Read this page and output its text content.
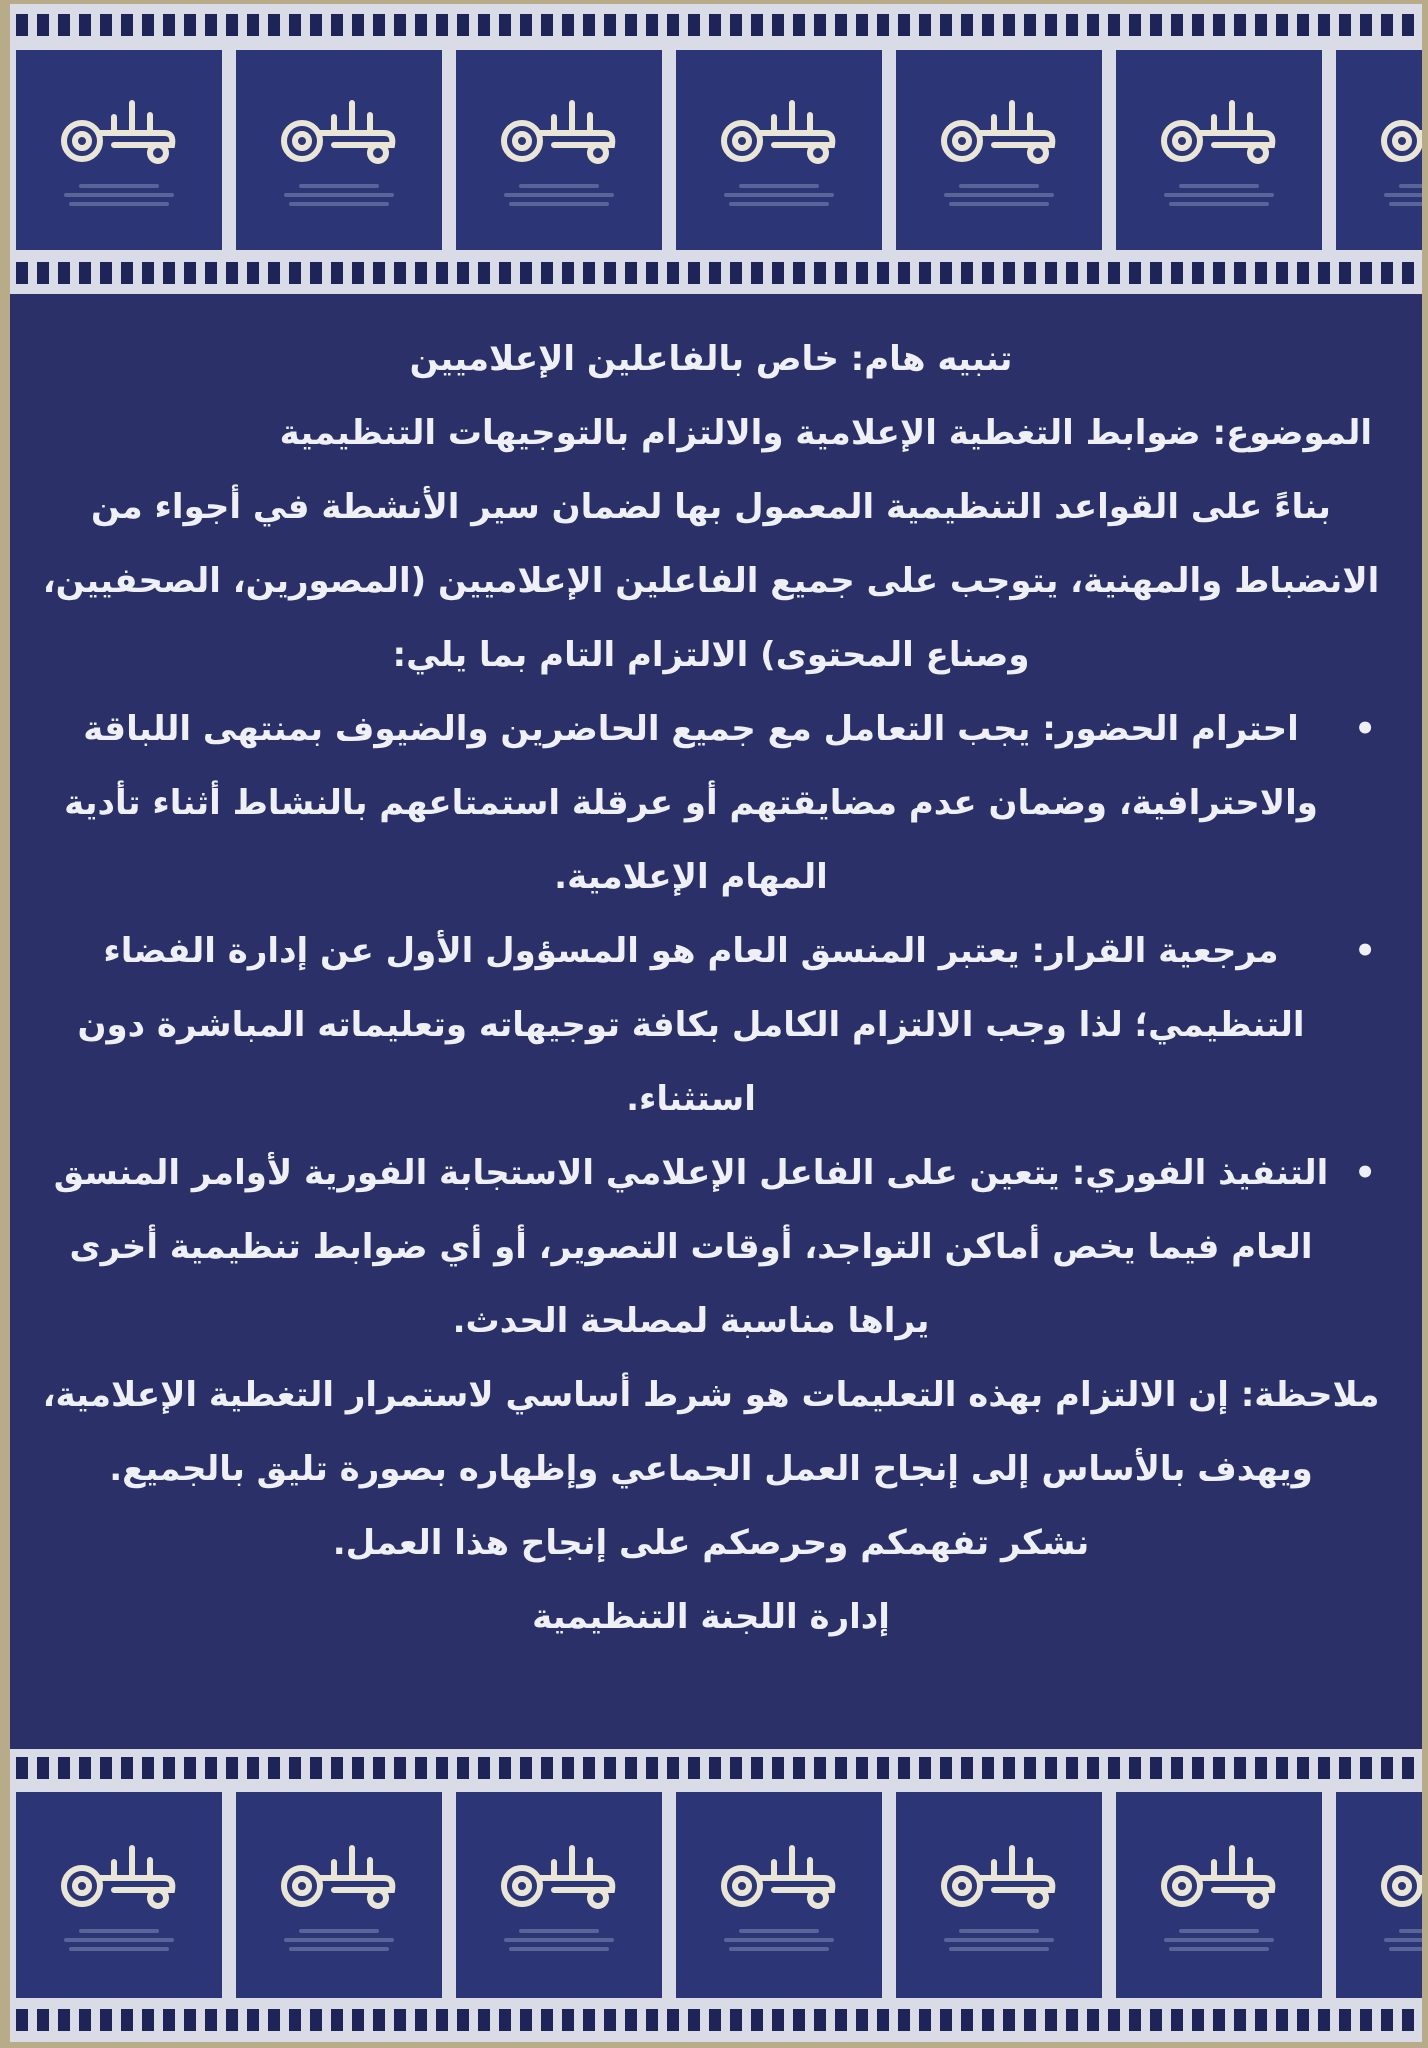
تنبيه هام: خاص بالفاعلين الإعلاميين
الموضوع: ضوابط التغطية الإعلامية والالتزام بالتوجيهات التنظيمية
بناءً على القواعد التنظيمية المعمول بها لضمان سير الأنشطة في أجواء من الانضباط والمهنية، يتوجب على جميع الفاعلين الإعلاميين (المصورين، الصحفيين، وصناع المحتوى) الالتزام التام بما يلي:
• احترام الحضور: يجب التعامل مع جميع الحاضرين والضيوف بمنتهى اللباقة والاحترافية، وضمان عدم مضايقتهم أو عرقلة استمتاعهم بالنشاط أثناء تأدية المهام الإعلامية.
• مرجعية القرار: يعتبر المنسق العام هو المسؤول الأول عن إدارة الفضاء التنظيمي؛ لذا وجب الالتزام الكامل بكافة توجيهاته وتعليماته المباشرة دون استثناء.
• التنفيذ الفوري: يتعين على الفاعل الإعلامي الاستجابة الفورية لأوامر المنسق العام فيما يخص أماكن التواجد، أوقات التصوير، أو أي ضوابط تنظيمية أخرى يراها مناسبة لمصلحة الحدث.
ملاحظة: إن الالتزام بهذه التعليمات هو شرط أساسي لاستمرار التغطية الإعلامية، ويهدف بالأساس إلى إنجاح العمل الجماعي وإظهاره بصورة تليق بالجميع.
نشكر تفهمكم وحرصكم على إنجاح هذا العمل.
إدارة اللجنة التنظيمية
